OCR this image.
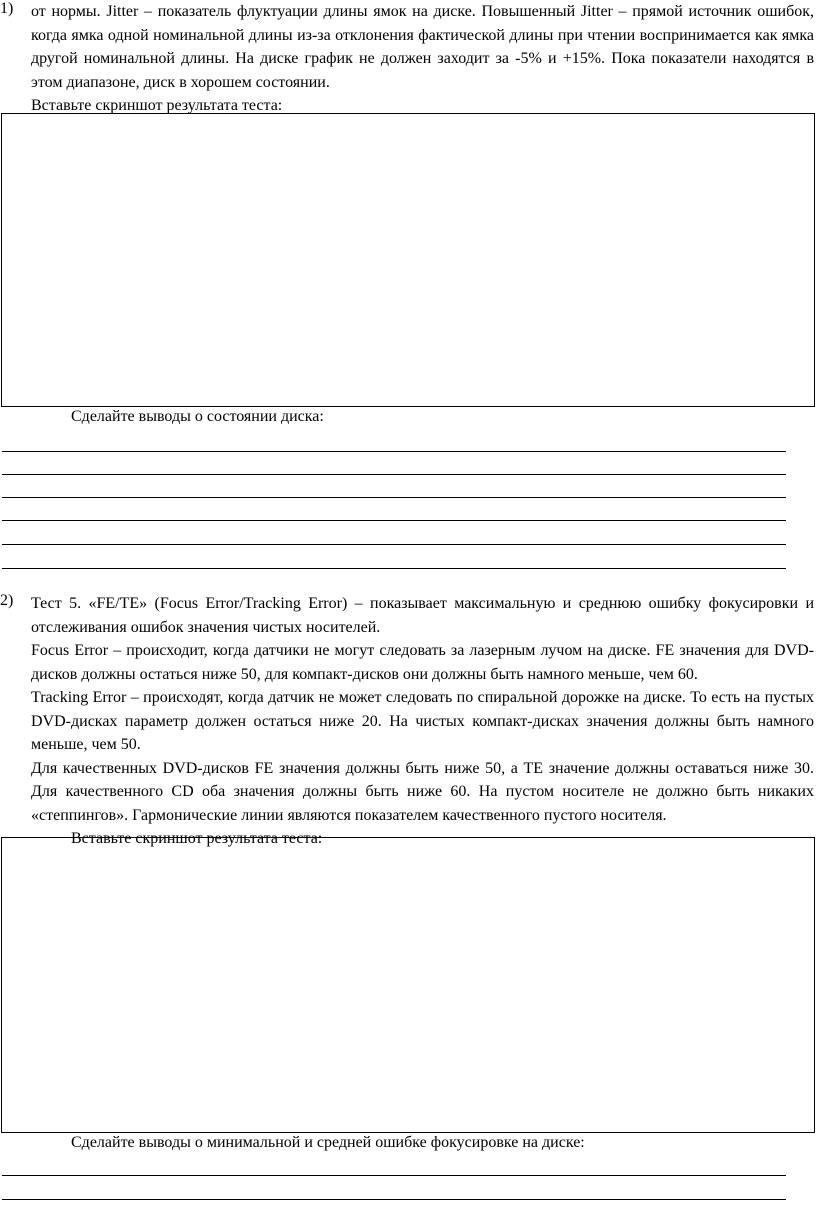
1)	от нормы. Jitter – показатель флуктуации длины ямок на диске. Повышенный Jitter – прямой источник ошибок, когда ямка одной номинальной длины из-за отклонения фактической длины при чтении воспринимается как ямка другой номинальной длины. На диске график не должен заходит за -5% и +15%. Пока показатели находятся в этом диапазоне, диск в хорошем состоянии.

Вставьте скриншот результата теста:

Сделайте выводы о состоянии диска:
2)	Тест 5. «FE/TE» (Focus Error/Tracking Error) – показывает максимальную и среднюю ошибку фокусировки и отслеживания ошибок значения чистых носителей.

Focus Error – происходит, когда датчики не могут следовать за лазерным лучом на диске. FE значения для DVD-дисков должны остаться ниже 50, для компакт-дисков они должны быть намного меньше, чем 60.

Tracking Error – происходят, когда датчик не может следовать по спиральной дорожке на диске. То есть на пустых DVD-дисках параметр должен остаться ниже 20. На чистых компакт-дисках значения должны быть намного меньше, чем 50.

Для качественных DVD-дисков FE значения должны быть ниже 50, а TE значение должны оставаться ниже 30. Для качественного CD оба значения должны быть ниже 60. На пустом носителе не должно быть никаких «степпингов». Гармонические линии являются показателем качественного пустого носителя.

Вставьте скриншот результата теста:

Сделайте выводы о минимальной и средней ошибке фокусировке на диске:
